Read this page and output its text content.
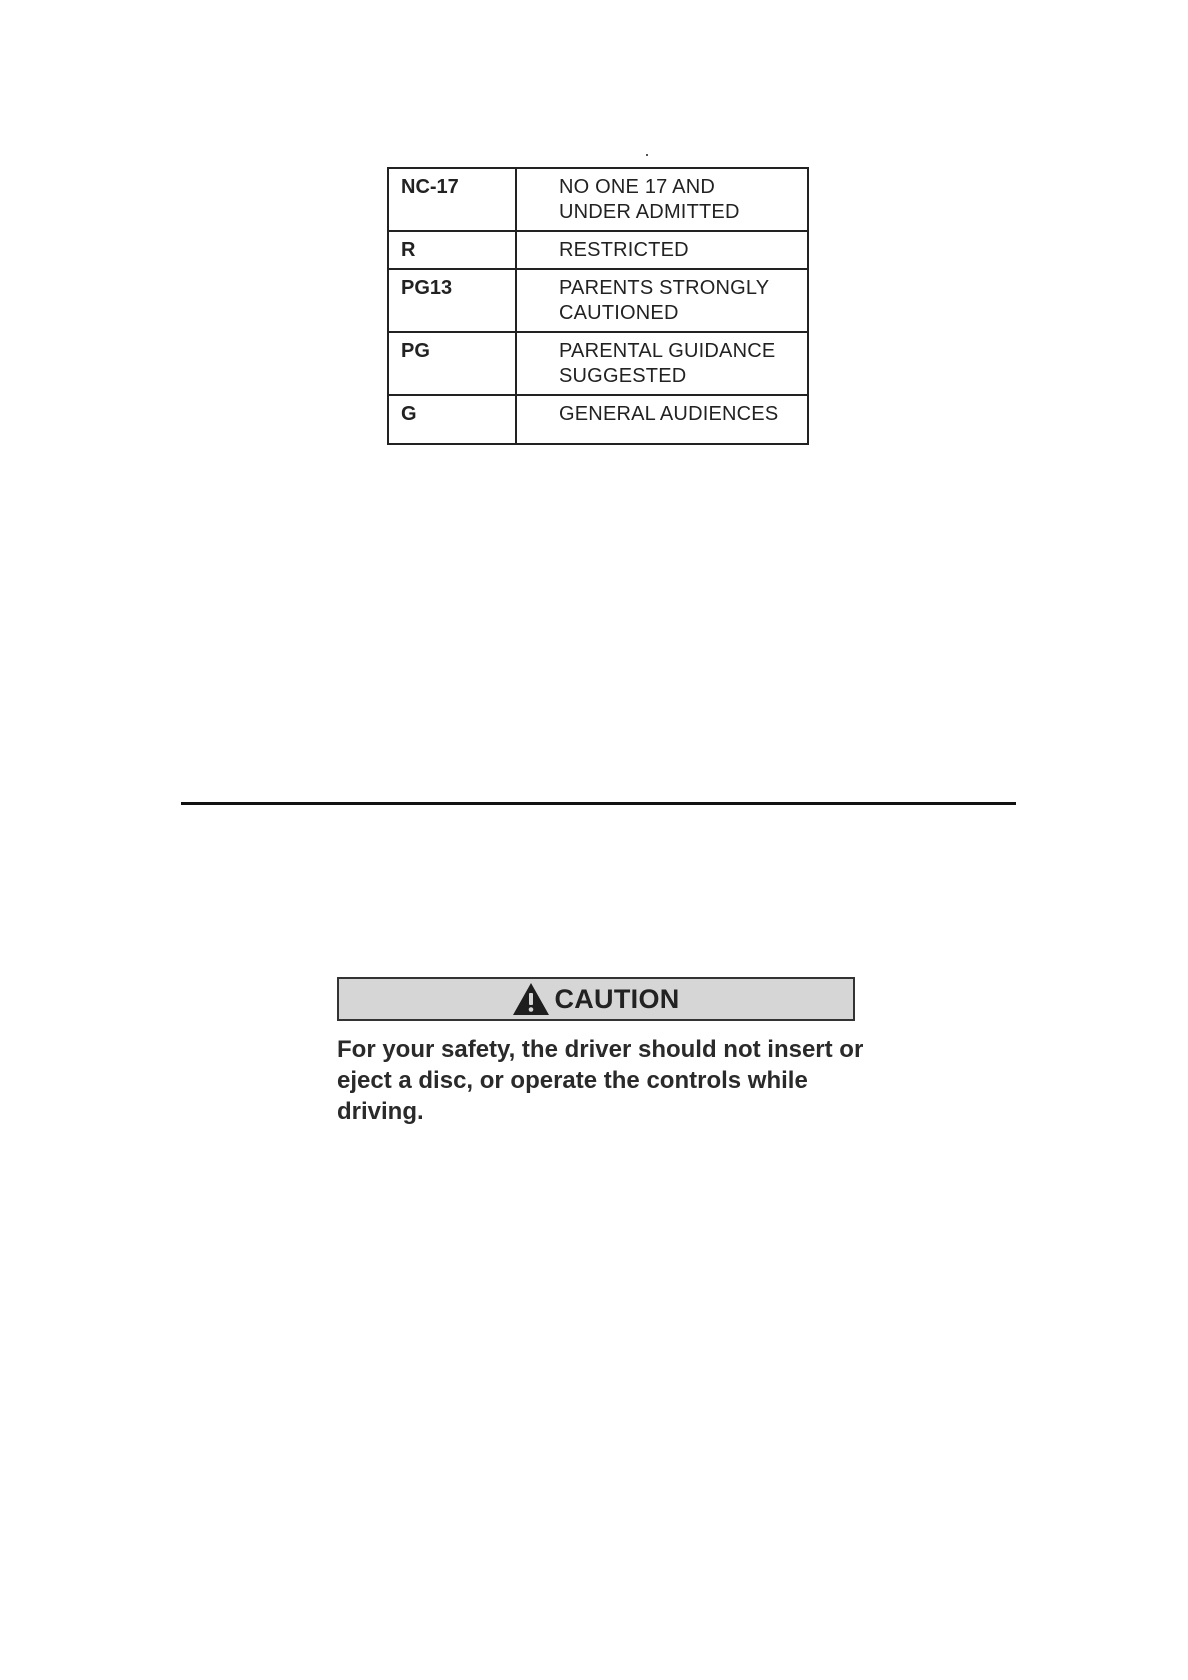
NC-17	NO ONE 17 AND
UNDER ADMITTED
R	RESTRICTED
PG13	PARENTS STRONGLY
CAUTIONED
PG	PARENTAL GUIDANCE
SUGGESTED
G	GENERAL AUDIENCES
CAUTION

For your safety, the driver should not insert or eject a disc, or operate the controls while driving.
